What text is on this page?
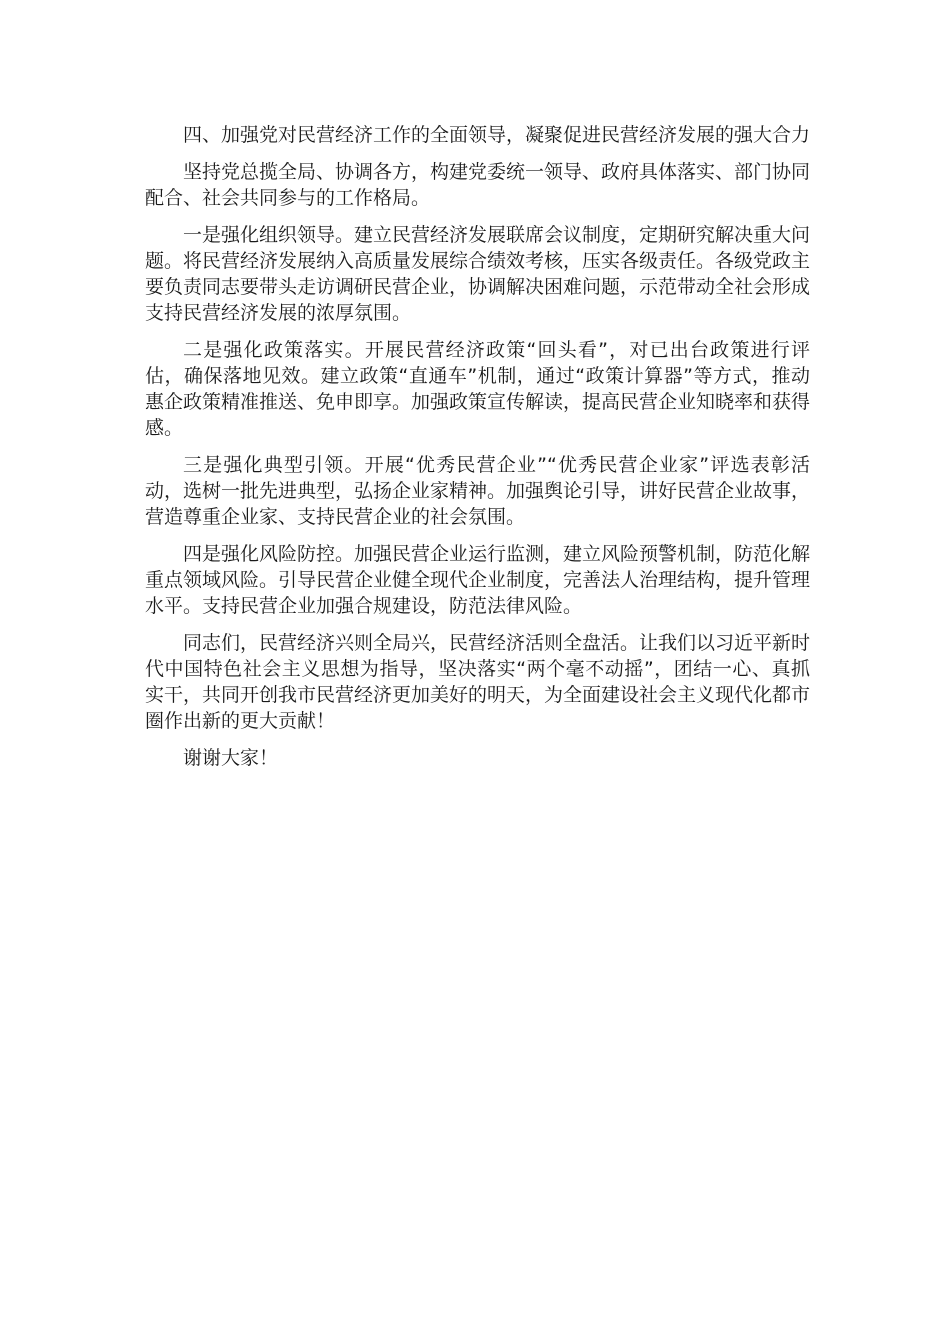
四、加强党对民营经济工作的全面领导，凝聚促进民营经济发展的强大合力

坚持党总揽全局、协调各方，构建党委统一领导、政府具体落实、部门协同配合、社会共同参与的工作格局。

一是强化组织领导。建立民营经济发展联席会议制度，定期研究解决重大问题。将民营经济发展纳入高质量发展综合绩效考核，压实各级责任。各级党政主要负责同志要带头走访调研民营企业，协调解决困难问题，示范带动全社会形成支持民营经济发展的浓厚氛围。

二是强化政策落实。开展民营经济政策“回头看”，对已出台政策进行评估，确保落地见效。建立政策“直通车”机制，通过“政策计算器”等方式，推动惠企政策精准推送、免申即享。加强政策宣传解读，提高民营企业知晓率和获得感。

三是强化典型引领。开展“优秀民营企业”“优秀民营企业家”评选表彰活动，选树一批先进典型，弘扬企业家精神。加强舆论引导，讲好民营企业故事，营造尊重企业家、支持民营企业的社会氛围。

四是强化风险防控。加强民营企业运行监测，建立风险预警机制，防范化解重点领域风险。引导民营企业健全现代企业制度，完善法人治理结构，提升管理水平。支持民营企业加强合规建设，防范法律风险。

同志们，民营经济兴则全局兴，民营经济活则全盘活。让我们以习近平新时代中国特色社会主义思想为指导，坚决落实“两个毫不动摇”，团结一心、真抓实干，共同开创我市民营经济更加美好的明天，为全面建设社会主义现代化都市圈作出新的更大贡献！

谢谢大家！
